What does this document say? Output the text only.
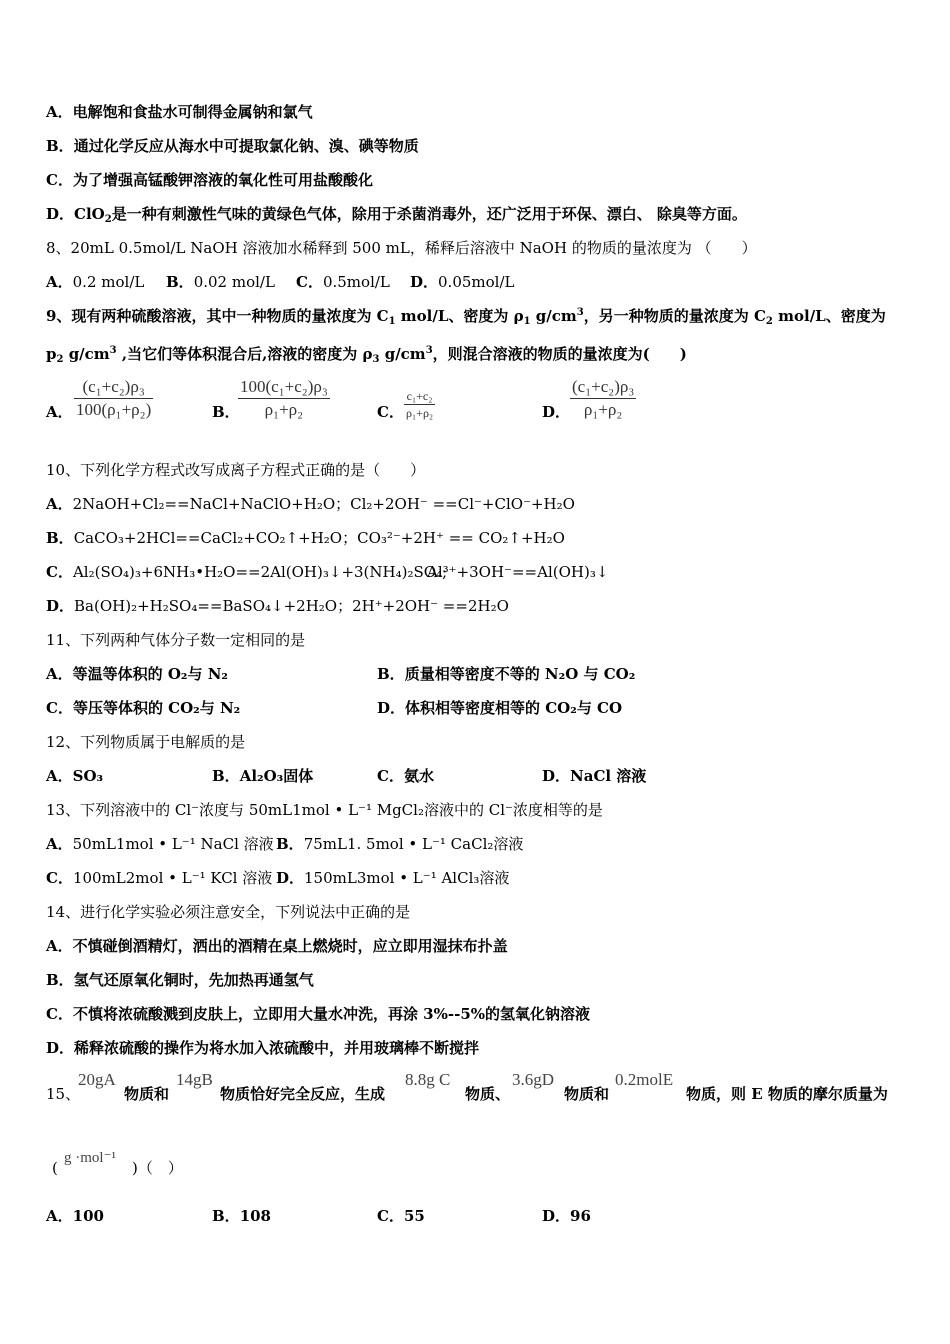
A．电解饱和食盐水可制得金属钠和氯气
B．通过化学反应从海水中可提取氯化钠、溴、碘等物质
C．为了增强高锰酸钾溶液的氧化性可用盐酸酸化
D．ClO$_2$是一种有刺激性气味的黄绿色气体，除用于杀菌消毒外，还广泛用于环保、漂白、 除臭等方面。
8、20mL 0.5mol/L NaOH 溶液加水稀释到 500 mL，稀释后溶液中 NaOH 的物质的量浓度为 （　　）
A．0.2 mol/L B．0.02 mol/L C．0.5mol/L D．0.05mol/L
9、现有两种硫酸溶液，其中一种物质的量浓度为 $C_1$ mol/L、密度为 $\rho_1$ $g/cm^3$，另一种物质的量浓度为 $C_2$ mol/L、密度为
$p_2$ $g/cm^3$ ,当它们等体积混合后,溶液的密度为 $\rho_3$ $g/cm^3$，则混合溶液的物质的量浓度为(　　)
A． $\frac{\text{(c₁+c₂)ρ₃}}{\text{100(ρ₁+ρ₂)}}$	B．
$\frac{\text{100(c₁+c₂)ρ₃}}{\text{ρ₁+ρ₂}}$	C． $\frac{\text{c₁+c₂}}{\text{ρ₁+ρ₂}}$	D． $\frac{\text{(c₁+c₂)ρ₃}}{\text{ρ₁+ρ₂}}$
10、下列化学方程式改写成离子方程式正确的是（　　）
A．2NaOH+Cl₂==NaCl+NaClO+H₂O；Cl₂+2OH⁻ ==Cl⁻+ClO⁻+H₂O
B．CaCO₃+2HCl==CaCl₂+CO₂↑+H₂O；CO₃²⁻+2H⁺ == CO₂↑+H₂O
C．Al₂(SO₄)₃+6NH₃•H₂O==2Al(OH)₃↓+3(NH₄)₂SO₄;
Al³⁺+3OH⁻==Al(OH)₃↓
D．Ba(OH)₂+H₂SO₄==BaSO₄↓+2H₂O；2H⁺+2OH⁻ ==2H₂O
11、下列两种气体分子数一定相同的是
A．等温等体积的 O₂与 N₂	B．质量相等密度不等的 N₂O 与 CO₂
C．等压等体积的 CO₂与 N₂	D．体积相等密度相等的 CO₂与 CO
12、下列物质属于电解质的是
A．SO₃	B．Al₂O₃固体	C．氨水	D．NaCl 溶液
13、下列溶液中的 Cl⁻浓度与 50mL1mol • L⁻¹ MgCl₂溶液中的 Cl⁻浓度相等的是
A．50mL1mol • L⁻¹ NaCl 溶液 B．75mL1. 5mol • L⁻¹ CaCl₂溶液
C．100mL2mol • L⁻¹ KCl 溶液 D．150mL3mol • L⁻¹ AlCl₃溶液
14、进行化学实验必须注意安全，下列说法中正确的是
A．不慎碰倒酒精灯，洒出的酒精在桌上燃烧时，应立即用湿抹布扑盖
B．氢气还原氧化铜时，先加热再通氢气
C．不慎将浓硫酸溅到皮肤上，立即用大量水冲洗，再涂 3%--5%的氢氧化钠溶液
D．稀释浓硫酸的操作为将水加入浓硫酸中，并用玻璃棒不断搅拌
15、
20gA
物质和
14gB
物质恰好完全反应，生成
8.8g C
物质、
3.6gD
物质和
0.2molE
物质，则 E 物质的摩尔质量为
(
g ·mol⁻¹
)（　）
A．100	B．108	C．55	D．96
